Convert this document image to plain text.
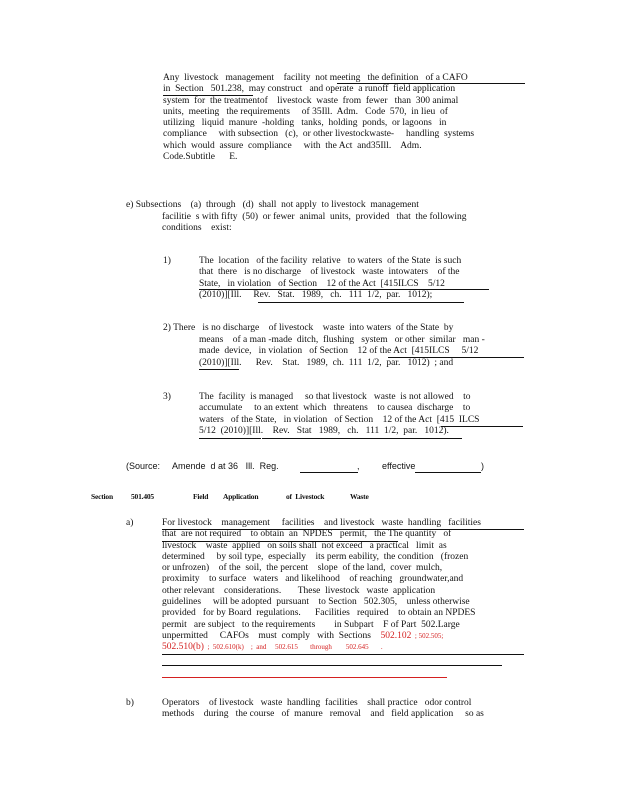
Any  livestock   management    facility  not meeting   the definition   of a CAFO
in  Section   501.238,  may construct   and operate  a runoff  field application
system  for  the treatmentof    livestock  waste  from  fewer   than  300 animal
units,  meeting   the requirements     of 35Ill.  Adm.   Code  570,  in lieu  of
utilizing   liquid  manure  -holding   tanks,  holding  ponds,  or lagoons   in
compliance     with subsection   (c),  or other livestockwaste-     handling  systems
which  would  assure  compliance     with  the Act  and35Ill.    Adm.
Code.Subtitle      E.
e) Subsections    (a)  through   (d)  shall  not apply  to livestock  management
facilitie  s with fifty  (50)  or fewer  animal  units,  provided   that  the following
conditions    exist:
1)	The  location   of the facility  relative   to waters  of the State  is such
that  there   is no discharge    of livestock   waste  intowaters    of the
State,   in violation   of Section    12 of the Act  [415ILCS    5/12
(2010)][Ill.     Rev.   Stat.   1989,   ch.   111  1/2,  par.   1012);
2) There   is no discharge    of livestock    waste  into waters  of the State  by
means    of a man -made  ditch,  flushing   system   or other  similar   man -
made  device,   in violation   of Section    12 of the Act  [415ILCS     5/12
(2010)][Ill.      Rev.    Stat.   1989,  ch.  111  1/2,  par.   1012)  ; and
3)	The  facility  is managed     so that livestock   waste  is not allowed    to
accumulate     to an extent  which   threatens    to causea  discharge    to
waters   of the State,   in violation   of Section    12 of the Act  [415  ILCS
5/12  (2010)][Ill.    Rev.   Stat   1989,   ch.   111  1/2,  par.   1012).
(Source:     Amende  d at 36   Ill.  Reg.	,         effective	)
Section 501.405	Field Application	of  Livestock	Waste
a)	For livestock    management     facilities    and livestock   waste  handling   facilities
that  are not required    to obtain  an  NPDES   permit,   the The quantity   of
livestock    waste  applied   on soils shall  not exceed   a practical   limit  as
determined     by soil type,  especially    its perm eability,  the condition   (frozen
or unfrozen)    of the  soil,  the percent    slope  of the land,  cover  mulch,
proximity    to surface   waters   and likelihood    of reaching   groundwater,and
other relevant    considerations.       These  livestock   waste  application
guidelines     will be adopted  pursuant    to Section   502.305,    unless otherwise
provided   for by Board  regulations.      Facilities   required    to obtain an NPDES
permit   are subject   to the requirements        in Subpart    F of Part  502.Large
unpermitted     CAFOs    must  comply   with  Sections    502.102  ; 502.505;
502.510(b)  ;  502.610(k)    ;  and     502.615       through        502.645       .
b)	Operators    of livestock   waste  handling  facilities    shall practice   odor control
methods    during   the course   of  manure   removal    and   field application     so as
